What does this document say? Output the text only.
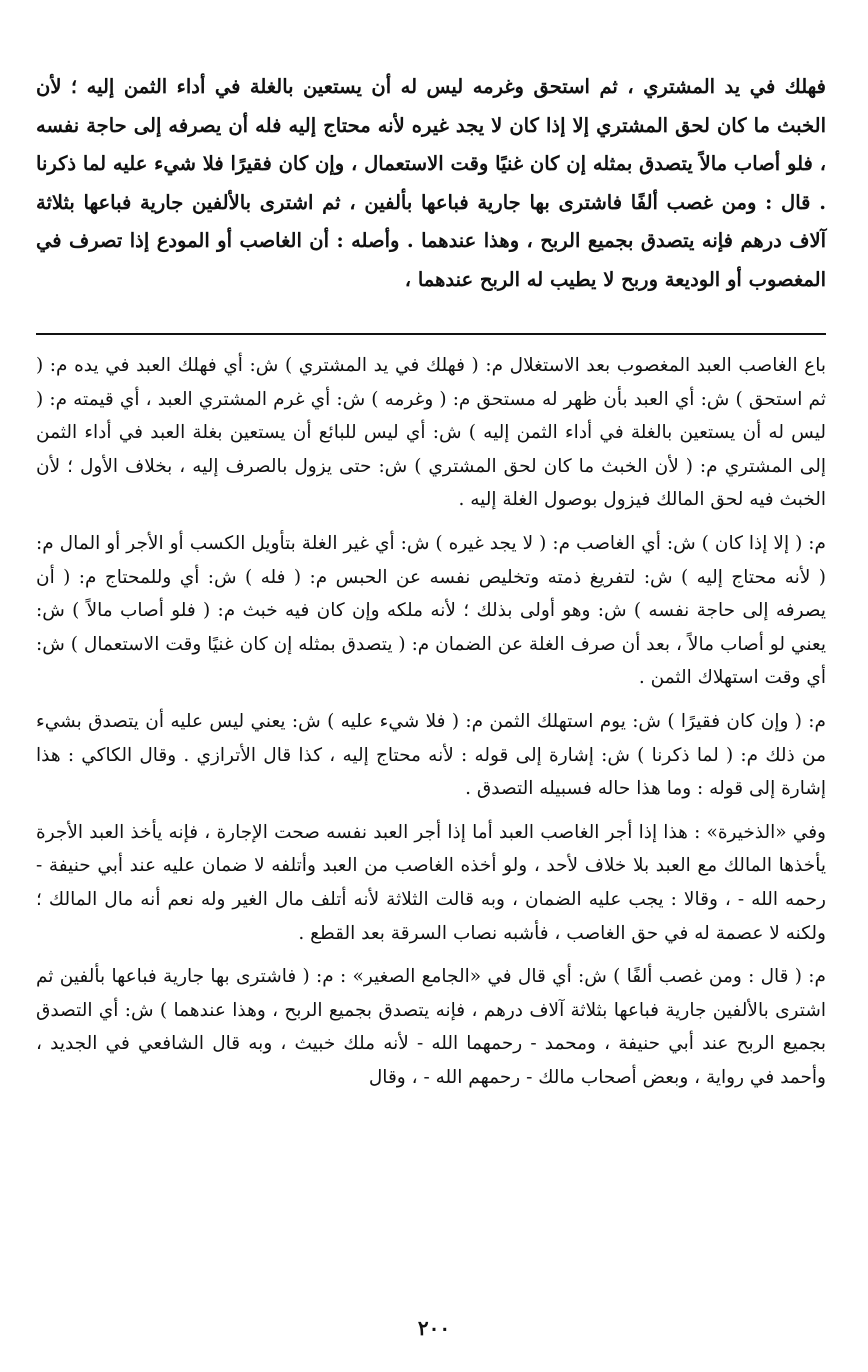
فهلك في يد المشتري ، ثم استحق وغرمه ليس له أن يستعين بالغلة في أداء الثمن إليه ؛ لأن الخبث ما كان لحق المشتري إلا إذا كان لا يجد غيره لأنه محتاج إليه فله أن يصرفه إلى حاجة نفسه ، فلو أصاب مالاً يتصدق بمثله إن كان غنيًا وقت الاستعمال ، وإن كان فقيرًا فلا شيء عليه لما ذكرنا . قال : ومن غصب ألفًا فاشترى بها جارية فباعها بألفين ، ثم اشترى بالألفين جارية فباعها بثلاثة آلاف درهم فإنه يتصدق بجميع الربح ، وهذا عندهما . وأصله : أن الغاصب أو المودع إذا تصرف في المغصوب أو الوديعة وربح لا يطيب له الربح عندهما ،

باع الغاصب العبد المغصوب بعد الاستغلال م: ( فهلك في يد المشتري ) ش: أي فهلك العبد في يده م: ( ثم استحق ) ش: أي العبد بأن ظهر له مستحق م: ( وغرمه ) ش: أي غرم المشتري العبد ، أي قيمته م: ( ليس له أن يستعين بالغلة في أداء الثمن إليه ) ش: أي ليس للبائع أن يستعين بغلة العبد في أداء الثمن إلى المشتري م: ( لأن الخبث ما كان لحق المشتري ) ش: حتى يزول بالصرف إليه ، بخلاف الأول ؛ لأن الخبث فيه لحق المالك فيزول بوصول الغلة إليه .

م: ( إلا إذا كان ) ش: أي الغاصب م: ( لا يجد غيره ) ش: أي غير الغلة بتأويل الكسب أو الأجر أو المال م: ( لأنه محتاج إليه ) ش: لتفريغ ذمته وتخليص نفسه عن الحبس م: ( فله ) ش: أي وللمحتاج م: ( أن يصرفه إلى حاجة نفسه ) ش: وهو أولى بذلك ؛ لأنه ملكه وإن كان فيه خبث م: ( فلو أصاب مالاً ) ش: يعني لو أصاب مالاً ، بعد أن صرف الغلة عن الضمان م: ( يتصدق بمثله إن كان غنيًا وقت الاستعمال ) ش: أي وقت استهلاك الثمن .

م: ( وإن كان فقيرًا ) ش: يوم استهلك الثمن م: ( فلا شيء عليه ) ش: يعني ليس عليه أن يتصدق بشيء من ذلك م: ( لما ذكرنا ) ش: إشارة إلى قوله : لأنه محتاج إليه ، كذا قال الأترازي . وقال الكاكي : هذا إشارة إلى قوله : وما هذا حاله فسبيله التصدق .

وفي «الذخيرة» : هذا إذا أجر الغاصب العبد أما إذا أجر العبد نفسه صحت الإجارة ، فإنه يأخذ العبد الأجرة يأخذها المالك مع العبد بلا خلاف لأحد ، ولو أخذه الغاصب من العبد وأتلفه لا ضمان عليه عند أبي حنيفة - رحمه الله - ، وقالا : يجب عليه الضمان ، وبه قالت الثلاثة لأنه أتلف مال الغير وله نعم أنه مال المالك ؛ ولكنه لا عصمة له في حق الغاصب ، فأشبه نصاب السرقة بعد القطع .

م: ( قال : ومن غصب ألفًا ) ش: أي قال في «الجامع الصغير» : م: ( فاشترى بها جارية فباعها بألفين ثم اشترى بالألفين جارية فباعها بثلاثة آلاف درهم ، فإنه يتصدق بجميع الربح ، وهذا عندهما ) ش: أي التصدق بجميع الربح عند أبي حنيفة ، ومحمد - رحمهما الله - لأنه ملك خبيث ، وبه قال الشافعي في الجديد ، وأحمد في رواية ، وبعض أصحاب مالك - رحمهم الله - ، وقال

٢٠٠
